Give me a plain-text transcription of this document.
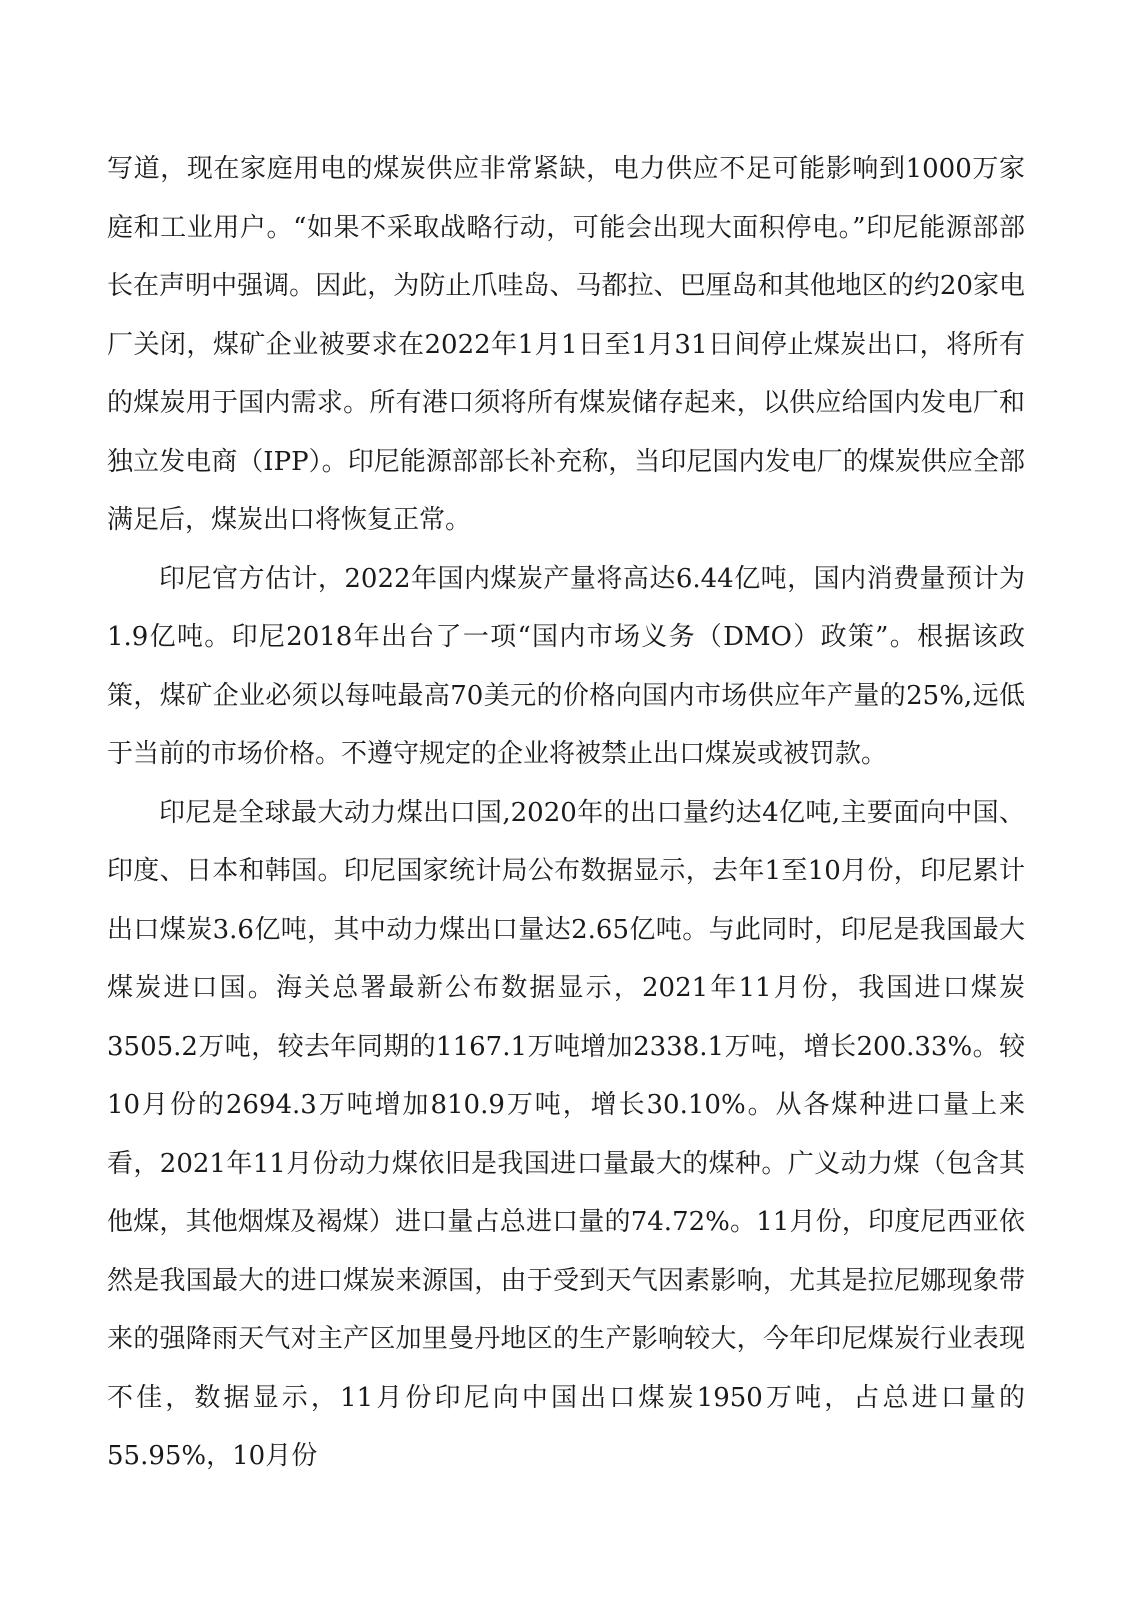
写道，现在家庭用电的煤炭供应非常紧缺，电力供应不足可能影响到1000万家庭和工业用户。“如果不采取战略行动，可能会出现大面积停电。”印尼能源部部长在声明中强调。因此，为防止爪哇岛、马都拉、巴厘岛和其他地区的约20家电厂关闭，煤矿企业被要求在2022年1月1日至1月31日间停止煤炭出口，将所有的煤炭用于国内需求。所有港口须将所有煤炭储存起来，以供应给国内发电厂和独立发电商（IPP）。印尼能源部部长补充称，当印尼国内发电厂的煤炭供应全部满足后，煤炭出口将恢复正常。

印尼官方估计，2022年国内煤炭产量将高达6.44亿吨，国内消费量预计为1.9亿吨。印尼2018年出台了一项“国内市场义务（DMO）政策”。根据该政策，煤矿企业必须以每吨最高70美元的价格向国内市场供应年产量的25%,远低于当前的市场价格。不遵守规定的企业将被禁止出口煤炭或被罚款。

印尼是全球最大动力煤出口国,2020年的出口量约达4亿吨,主要面向中国、印度、日本和韩国。印尼国家统计局公布数据显示，去年1至10月份，印尼累计出口煤炭3.6亿吨，其中动力煤出口量达2.65亿吨。与此同时，印尼是我国最大煤炭进口国。海关总署最新公布数据显示，2021年11月份，我国进口煤炭3505.2万吨，较去年同期的1167.1万吨增加2338.1万吨，增长200.33%。较10月份的2694.3万吨增加810.9万吨，增长30.10%。从各煤种进口量上来看，2021年11月份动力煤依旧是我国进口量最大的煤种。广义动力煤（包含其他煤，其他烟煤及褐煤）进口量占总进口量的74.72%。11月份，印度尼西亚依然是我国最大的进口煤炭来源国，由于受到天气因素影响，尤其是拉尼娜现象带来的强降雨天气对主产区加里曼丹地区的生产影响较大，今年印尼煤炭行业表现不佳，数据显示，11月份印尼向中国出口煤炭1950万吨，占总进口量的55.95%，10月份
